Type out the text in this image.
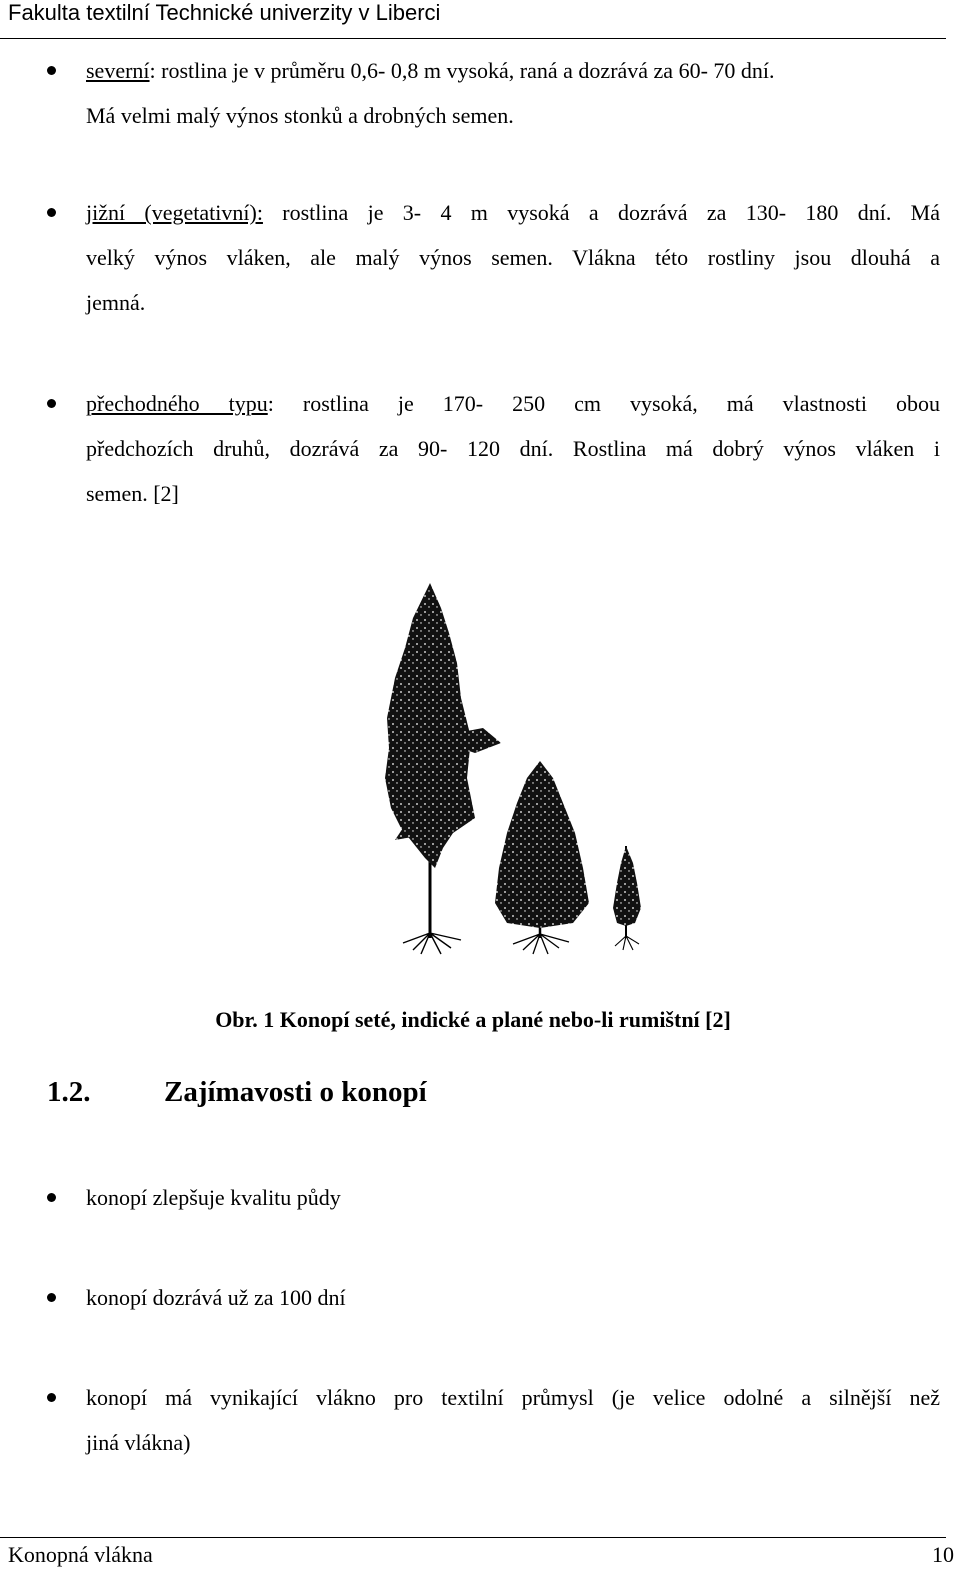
Fakulta textilní Technické univerzity v Liberci
severní: rostlina je v průměru 0,6- 0,8 m vysoká, raná a dozrává za 60- 70 dní.
Má velmi malý výnos stonků a drobných semen.
jižní (vegetativní): rostlina je 3- 4 m vysoká a dozrává za 130- 180 dní. Má
velký výnos vláken, ale malý výnos semen. Vlákna této rostliny jsou dlouhá a
jemná.
přechodného typu: rostlina je 170- 250 cm vysoká, má vlastnosti obou
předchozích druhů, dozrává za 90- 120 dní. Rostlina má dobrý výnos vláken i
semen. [2]
Obr. 1 Konopí seté, indické a plané nebo-li rumištní [2]
1.2.	Zajímavosti o konopí
konopí zlepšuje kvalitu půdy
konopí dozrává už za 100 dní
konopí má vynikající vlákno pro textilní průmysl (je velice odolné a silnější než
jiná vlákna)
Konopná vlákna	10
